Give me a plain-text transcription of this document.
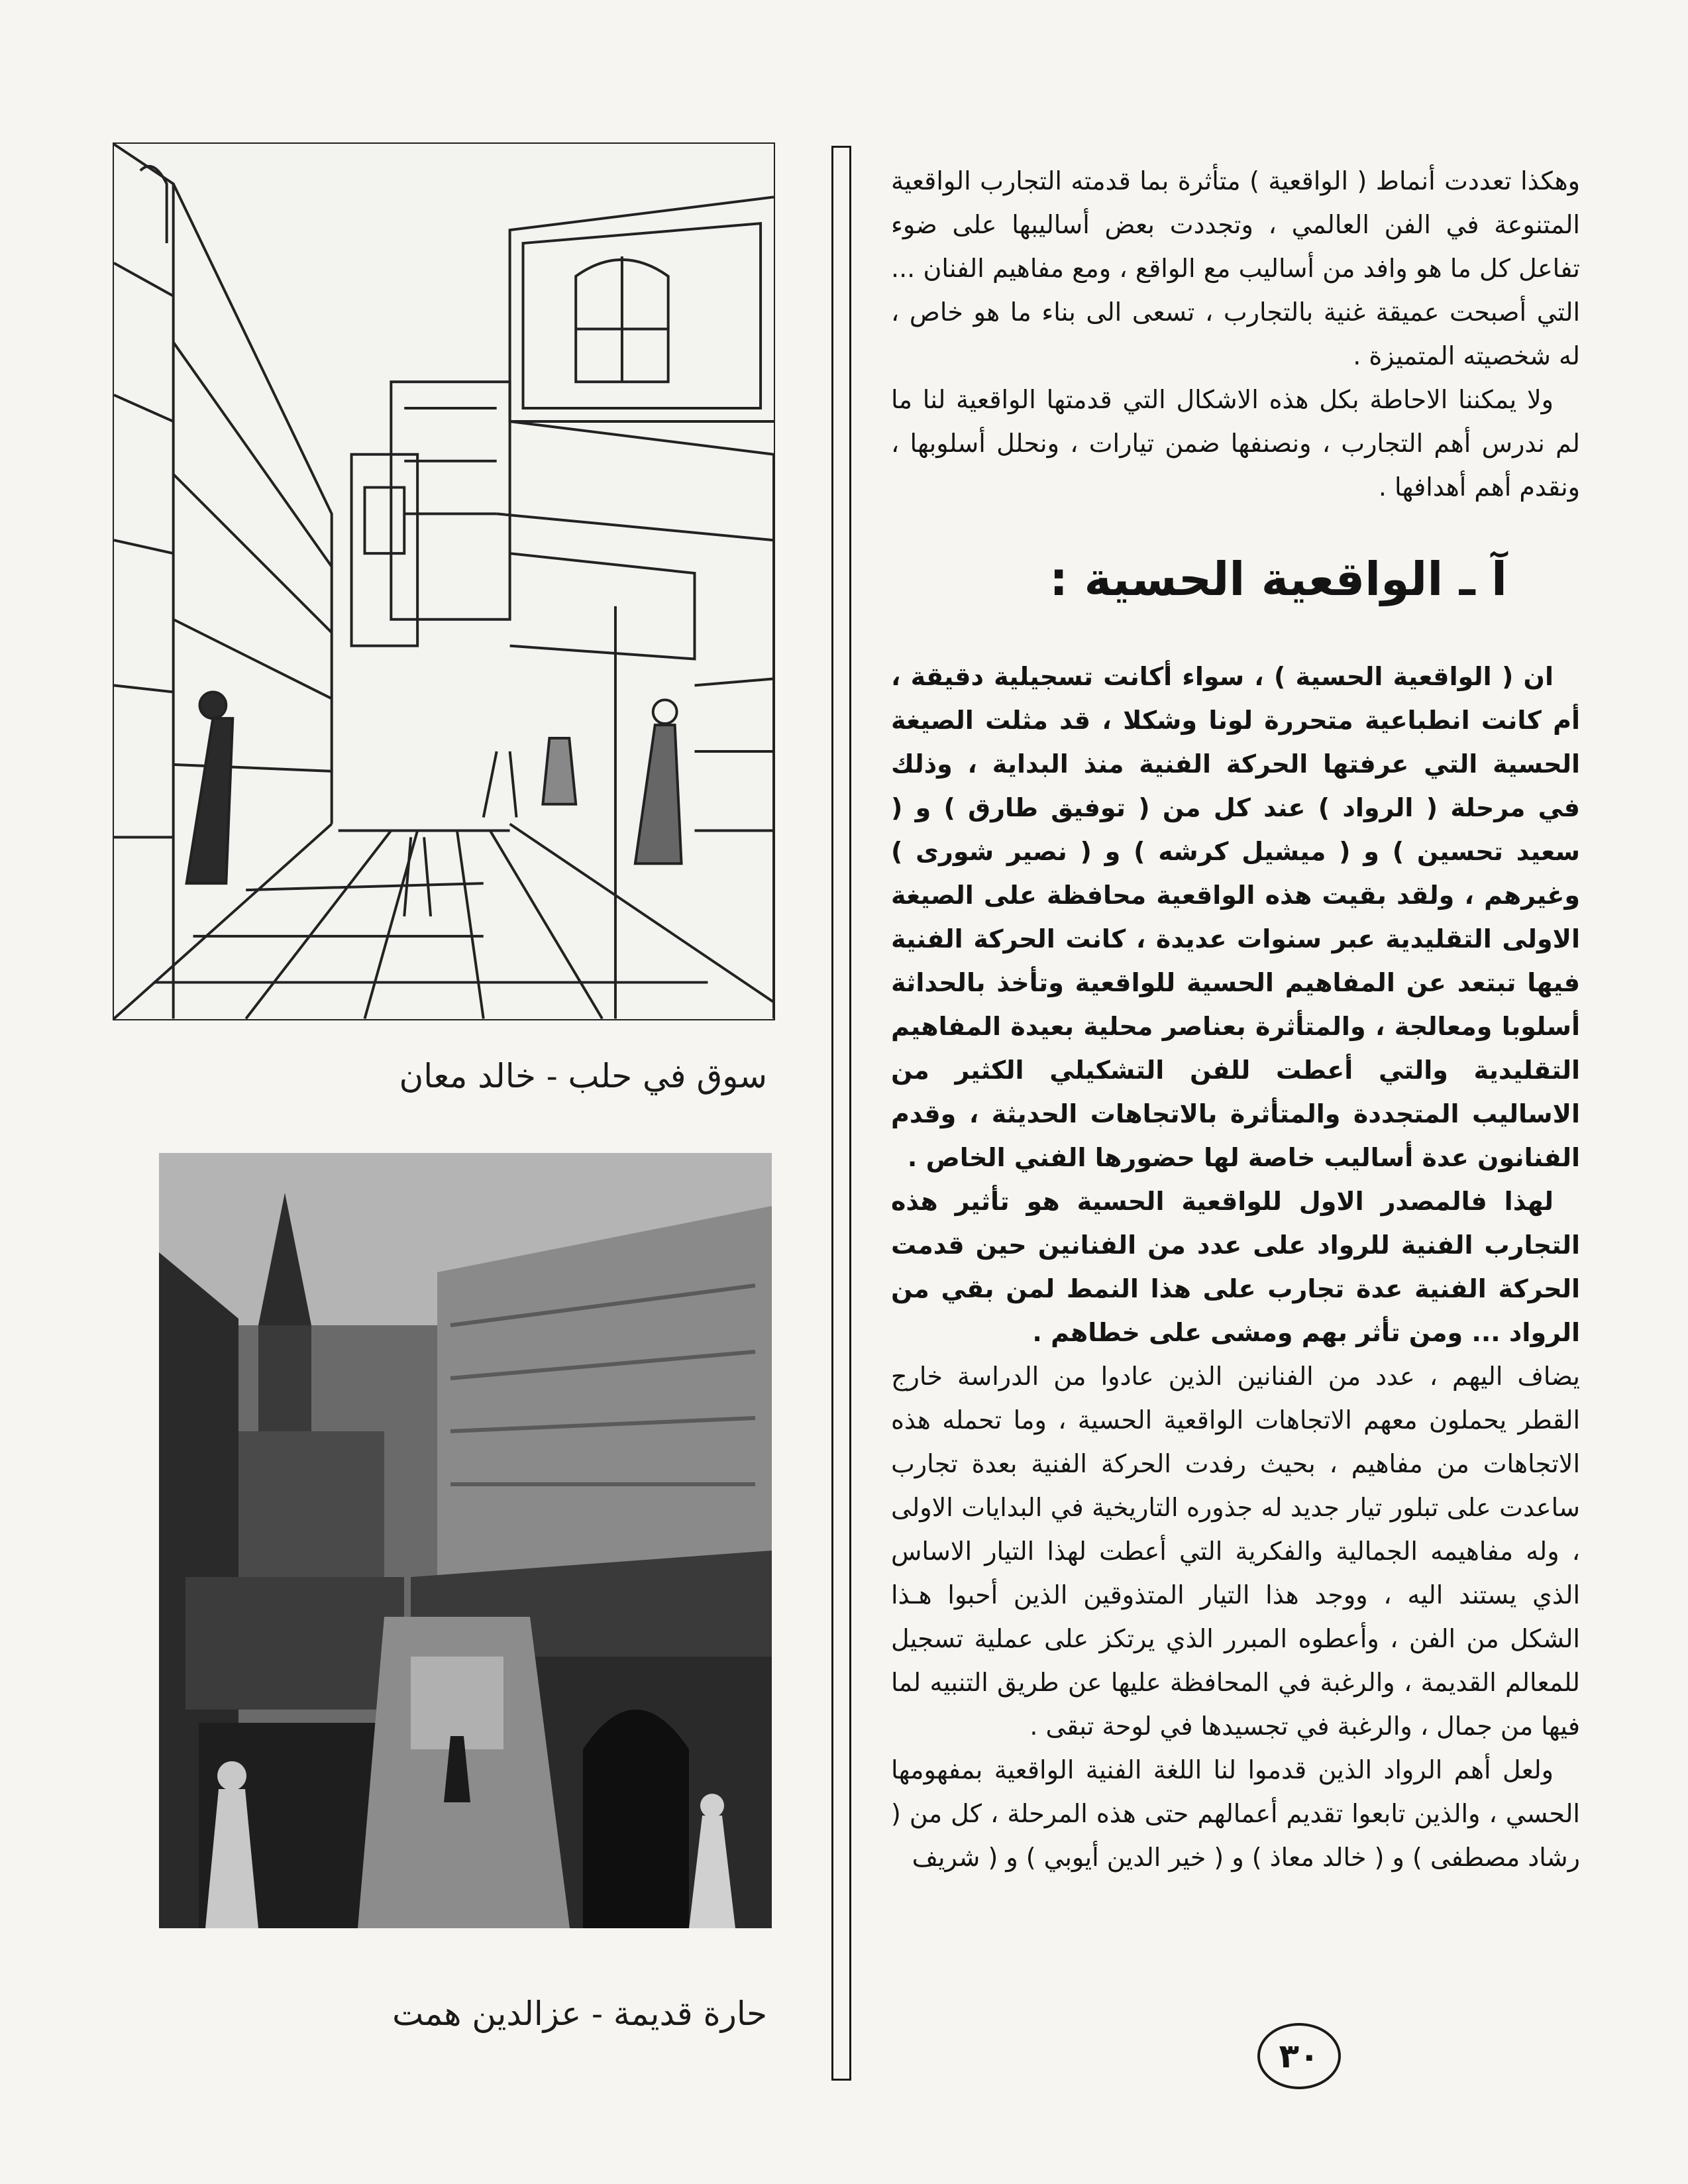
سوق في حلب - خالد معان
حارة قديمة - عزالدين همت

وهكذا تعددت أنماط ( الواقعية ) متأثرة بما قدمته التجارب الواقعية المتنوعة في الفن العالمي ، وتجددت بعض أساليبها على ضوء تفاعل كل ما هو وافد من أساليب مع الواقع ، ومع مفاهيم الفنان ... التي أصبحت عميقة غنية بالتجارب ، تسعى الى بناء ما هو خاص ، له شخصيته المتميزة .

ولا يمكننا الاحاطة بكل هذه الاشكال التي قدمتها الواقعية لنا ما لم ندرس أهم التجارب ، ونصنفها ضمن تيارات ، ونحلل أسلوبها ، ونقدم أهم أهدافها .

آ ـ الواقعية الحسية :

ان ( الواقعية الحسية ) ، سواء أكانت تسجيلية دقيقة ، أم كانت انطباعية متحررة لونا وشكلا ، قد مثلت الصيغة الحسية التي عرفتها الحركة الفنية منذ البداية ، وذلك في مرحلة ( الرواد ) عند كل من ( توفيق طارق ) و ( سعيد تحسين ) و ( ميشيل كرشه ) و ( نصير شورى ) وغيرهم ، ولقد بقيت هذه الواقعية محافظة على الصيغة الاولى التقليدية عبر سنوات عديدة ، كانت الحركة الفنية فيها تبتعد عن المفاهيم الحسية للواقعية وتأخذ بالحداثة أسلوبا ومعالجة ، والمتأثرة بعناصر محلية بعيدة المفاهيم التقليدية والتي أعطت للفن التشكيلي الكثير من الاساليب المتجددة والمتأثرة بالاتجاهات الحديثة ، وقدم الفنانون عدة أساليب خاصة لها حضورها الفني الخاص .

لهذا فالمصدر الاول للواقعية الحسية هو تأثير هذه التجارب الفنية للرواد على عدد من الفنانين حين قدمت الحركة الفنية عدة تجارب على هذا النمط لمن بقي من الرواد ... ومن تأثر بهم ومشى على خطاهم .

يضاف اليهم ، عدد من الفنانين الذين عادوا من الدراسة خارج القطر يحملون معهم الاتجاهات الواقعية الحسية ، وما تحمله هذه الاتجاهات من مفاهيم ، بحيث رفدت الحركة الفنية بعدة تجارب ساعدت على تبلور تيار جديد له جذوره التاريخية في البدايات الاولى ، وله مفاهيمه الجمالية والفكرية التي أعطت لهذا التيار الاساس الذي يستند اليه ، ووجد هذا التيار المتذوقين الذين أحبوا هـذا الشكل من الفن ، وأعطوه المبرر الذي يرتكز على عملية تسجيل للمعالم القديمة ، والرغبة في المحافظة عليها عن طريق التنبيه لما فيها من جمال ، والرغبة في تجسيدها في لوحة تبقى .

ولعل أهم الرواد الذين قدموا لنا اللغة الفنية الواقعية بمفهومها الحسي ، والذين تابعوا تقديم أعمالهم حتى هذه المرحلة ، كل من ( رشاد مصطفى ) و ( خالد معاذ ) و ( خير الدين أيوبي ) و ( شريف

٣٠
